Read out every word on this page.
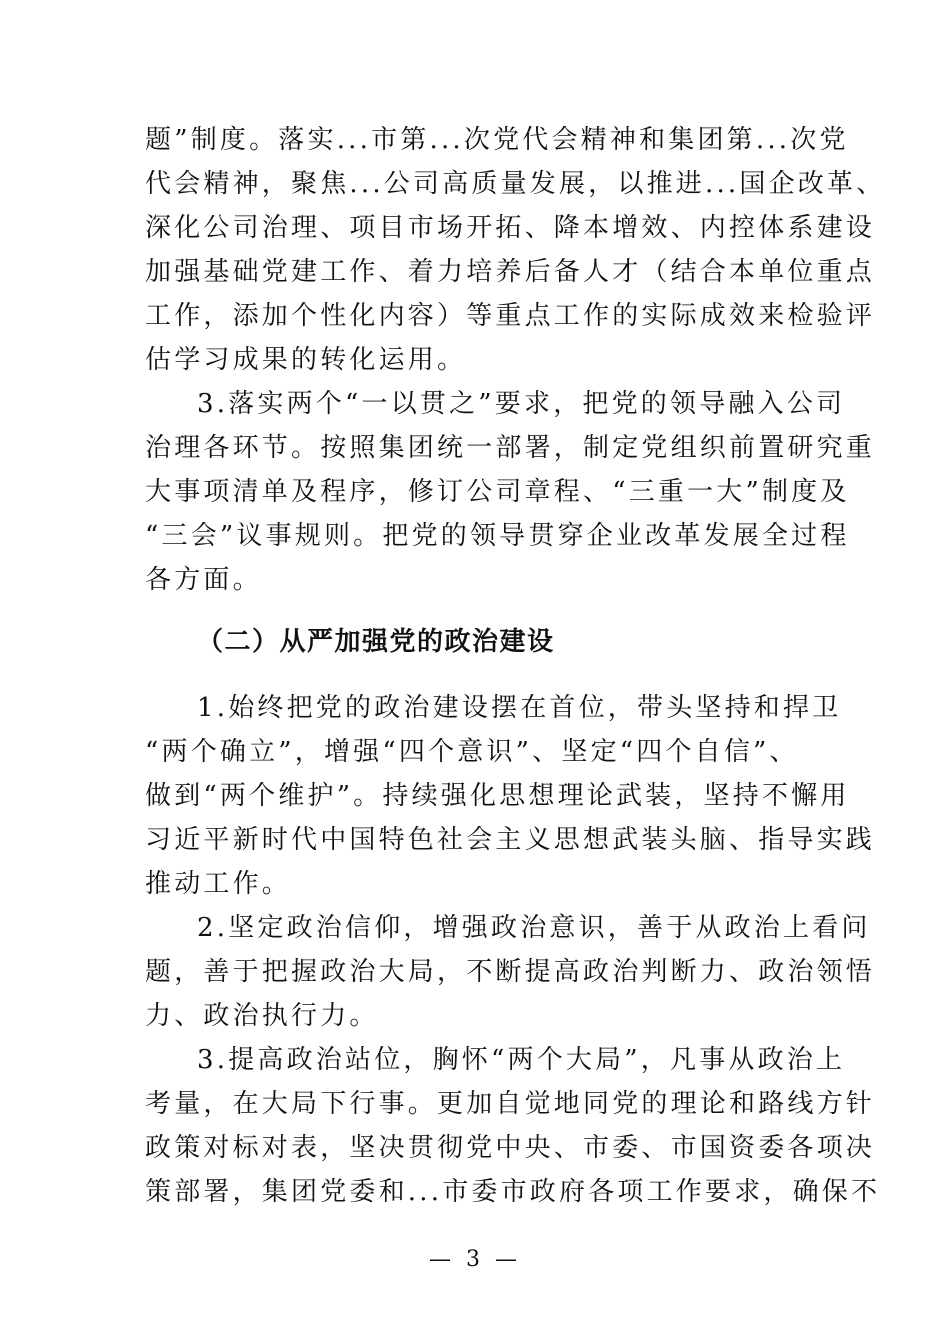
题”制度。落实...市第...次党代会精神和集团第...次党
代会精神，聚焦...公司高质量发展，以推进...国企改革、
深化公司治理、项目市场开拓、降本增效、内控体系建设
加强基础党建工作、着力培养后备人才（结合本单位重点
工作，添加个性化内容）等重点工作的实际成效来检验评
估学习成果的转化运用。
3.落实两个“一以贯之”要求，把党的领导融入公司
治理各环节。按照集团统一部署，制定党组织前置研究重
大事项清单及程序，修订公司章程、“三重一大”制度及
“三会”议事规则。把党的领导贯穿企业改革发展全过程
各方面。
（二）从严加强党的政治建设
1.始终把党的政治建设摆在首位，带头坚持和捍卫
“两个确立”，增强“四个意识”、坚定“四个自信”、
做到“两个维护”。持续强化思想理论武装，坚持不懈用
习近平新时代中国特色社会主义思想武装头脑、指导实践
推动工作。
2.坚定政治信仰，增强政治意识，善于从政治上看问
题，善于把握政治大局，不断提高政治判断力、政治领悟
力、政治执行力。
3.提高政治站位，胸怀“两个大局”，凡事从政治上
考量，在大局下行事。更加自觉地同党的理论和路线方针
政策对标对表，坚决贯彻党中央、市委、市国资委各项决
策部署，集团党委和...市委市政府各项工作要求，确保不
— 3 —
